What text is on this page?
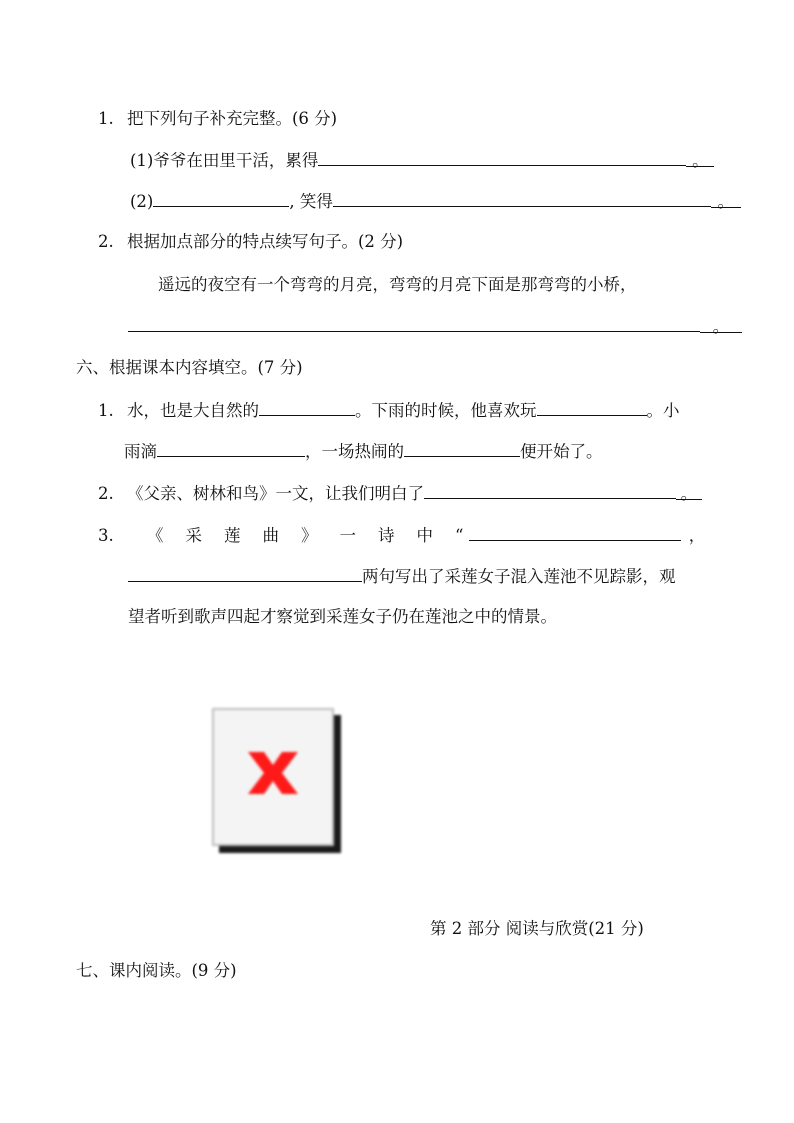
1. 把下列句子补充完整。(6 分)
(1)爷爷在田里干活，累得	。
(2)	, 笑得	。
2. 根据加点部分的特点续写句子。(2 分)
遥远的夜空有一个弯弯的月亮，弯弯的月亮下面是那弯弯的小桥，
。
六、根据课本内容填空。(7 分)
1. 水，也是大自然的	。下雨的时候，他喜欢玩	。小
雨滴	，一场热闹的	便开始了。
2. 《父亲、树林和鸟》一文，让我们明白了	。
3. 《 采 莲 曲 》 一 诗 中 “	，
两句写出了采莲女子混入莲池不见踪影，观
望者听到歌声四起才察觉到采莲女子仍在莲池之中的情景。
第 2 部分 阅读与欣赏(21 分)
七、课内阅读。(9 分)
